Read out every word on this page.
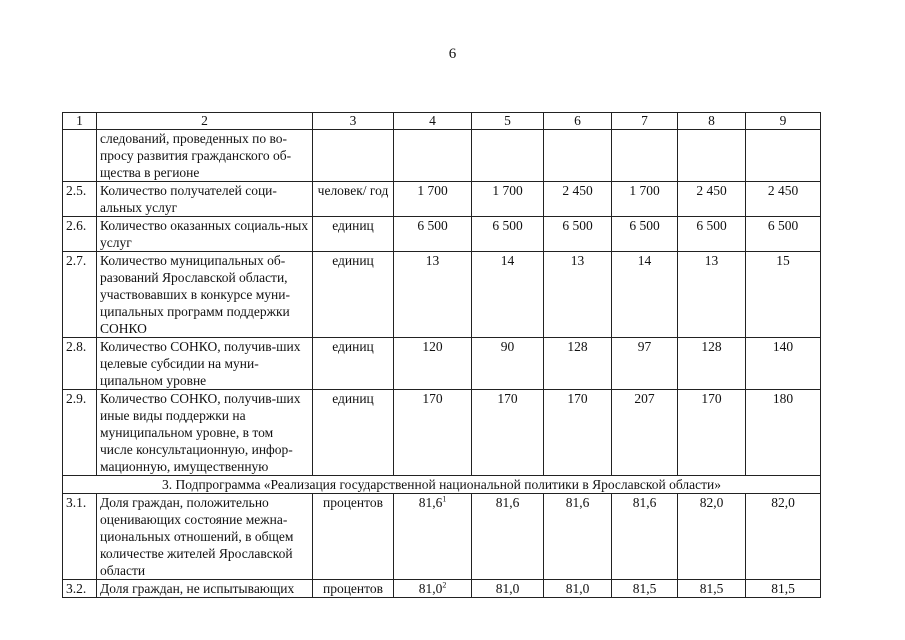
6
1	2	3	4	5	6	7	8	9
	следований, проведенных по во-просу развития гражданского об-щества в регионе							
2.5.	Количество получателей соци-альных услуг	человек/ год	1 700	1 700	2 450	1 700	2 450	2 450
2.6.	Количество оказанных социаль-ных услуг	единиц	6 500	6 500	6 500	6 500	6 500	6 500
2.7.	Количество муниципальных об-разований Ярославской области, участвовавших в конкурсе муни-ципальных программ поддержки СОНКО	единиц	13	14	13	14	13	15
2.8.	Количество СОНКО, получив-ших целевые субсидии на муни-ципальном уровне	единиц	120	90	128	97	128	140
2.9.	Количество СОНКО, получив-ших иные виды поддержки на муниципальном уровне, в том числе консультационную, инфор-мационную, имущественную	единиц	170	170	170	207	170	180
3. Подпрограмма «Реализация государственной национальной политики в Ярославской области»								
3.1.	Доля граждан, положительно оценивающих состояние межна-циональных отношений, в общем количестве жителей Ярославской области	процентов	81,6$^1$	81,6	81,6	81,6	82,0	82,0
3.2.	Доля граждан, не испытывающих	процентов	81,0$^2$	81,0	81,0	81,5	81,5	81,5
